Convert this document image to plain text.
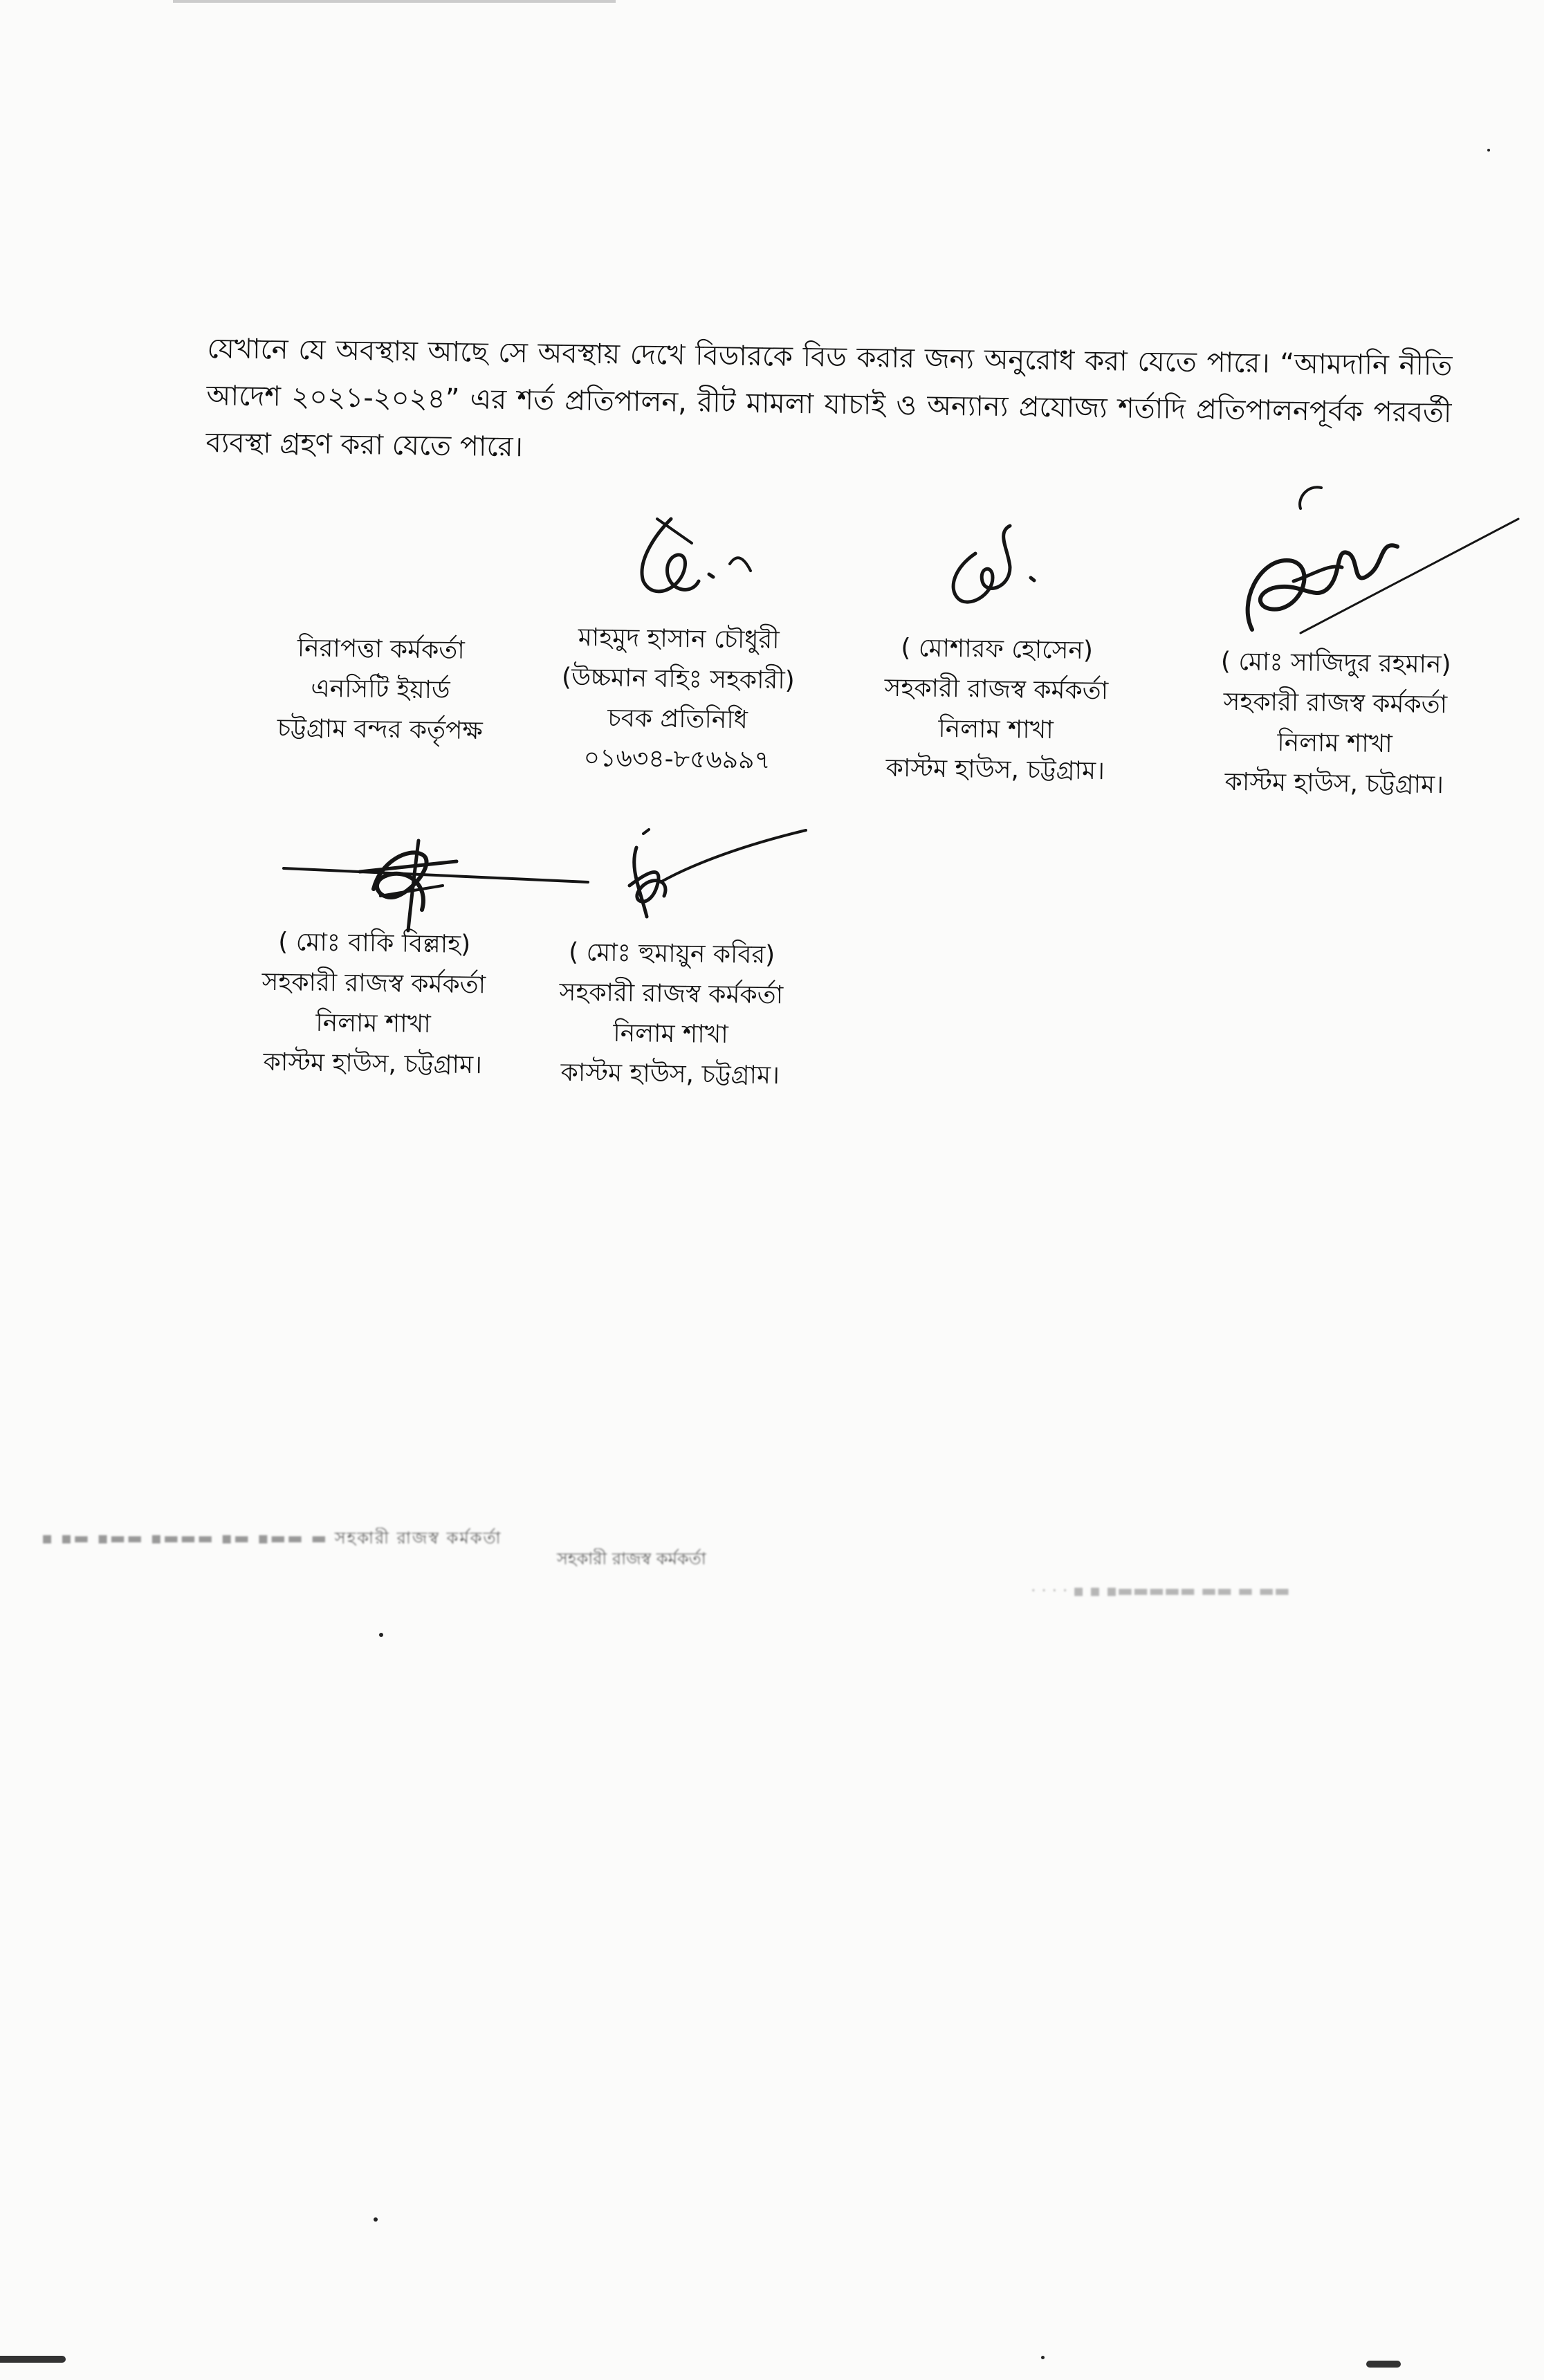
যেখানে যে অবস্থায় আছে সে অবস্থায় দেখে বিডারকে বিড করার জন্য অনুরোধ করা যেতে পারে। “আমদানি নীতি আদেশ ২০২১-২০২৪” এর শর্ত প্রতিপালন, রীট মামলা যাচাই ও অন্যান্য প্রযোজ্য শর্তাদি প্রতিপালনপূর্বক পরবর্তী ব্যবস্থা গ্রহণ করা যেতে পারে।

নিরাপত্তা কর্মকর্তা
এনসিটি ইয়ার্ড
চট্টগ্রাম বন্দর কর্তৃপক্ষ
মাহমুদ হাসান চৌধুরী
(উচ্চমান বহিঃ সহকারী)
চবক প্রতিনিধি
০১৬৩৪-৮৫৬৯৯৭
( মোশারফ হোসেন)
সহকারী রাজস্ব কর্মকর্তা
নিলাম শাখা
কাস্টম হাউস, চট্টগ্রাম।
( মোঃ সাজিদুর রহমান)
সহকারী রাজস্ব কর্মকর্তা
নিলাম শাখা
কাস্টম হাউস, চট্টগ্রাম।
( মোঃ বাকি বিল্লাহ)
সহকারী রাজস্ব কর্মকর্তা
নিলাম শাখা
কাস্টম হাউস, চট্টগ্রাম।
( মোঃ হুমায়ুন কবির)
সহকারী রাজস্ব কর্মকর্তা
নিলাম শাখা
কাস্টম হাউস, চট্টগ্রাম।
▪ ▪▬ ▪▬▬ ▪▬▬▬ ▪▬ ▪▬▬ ▬ সহকারী রাজস্ব কর্মকর্তা
সহকারী রাজস্ব কর্মকর্তা
· · · · ▪ ▪ ▪▬▬▬▬▬ ▬▬ ▬ ▬▬
